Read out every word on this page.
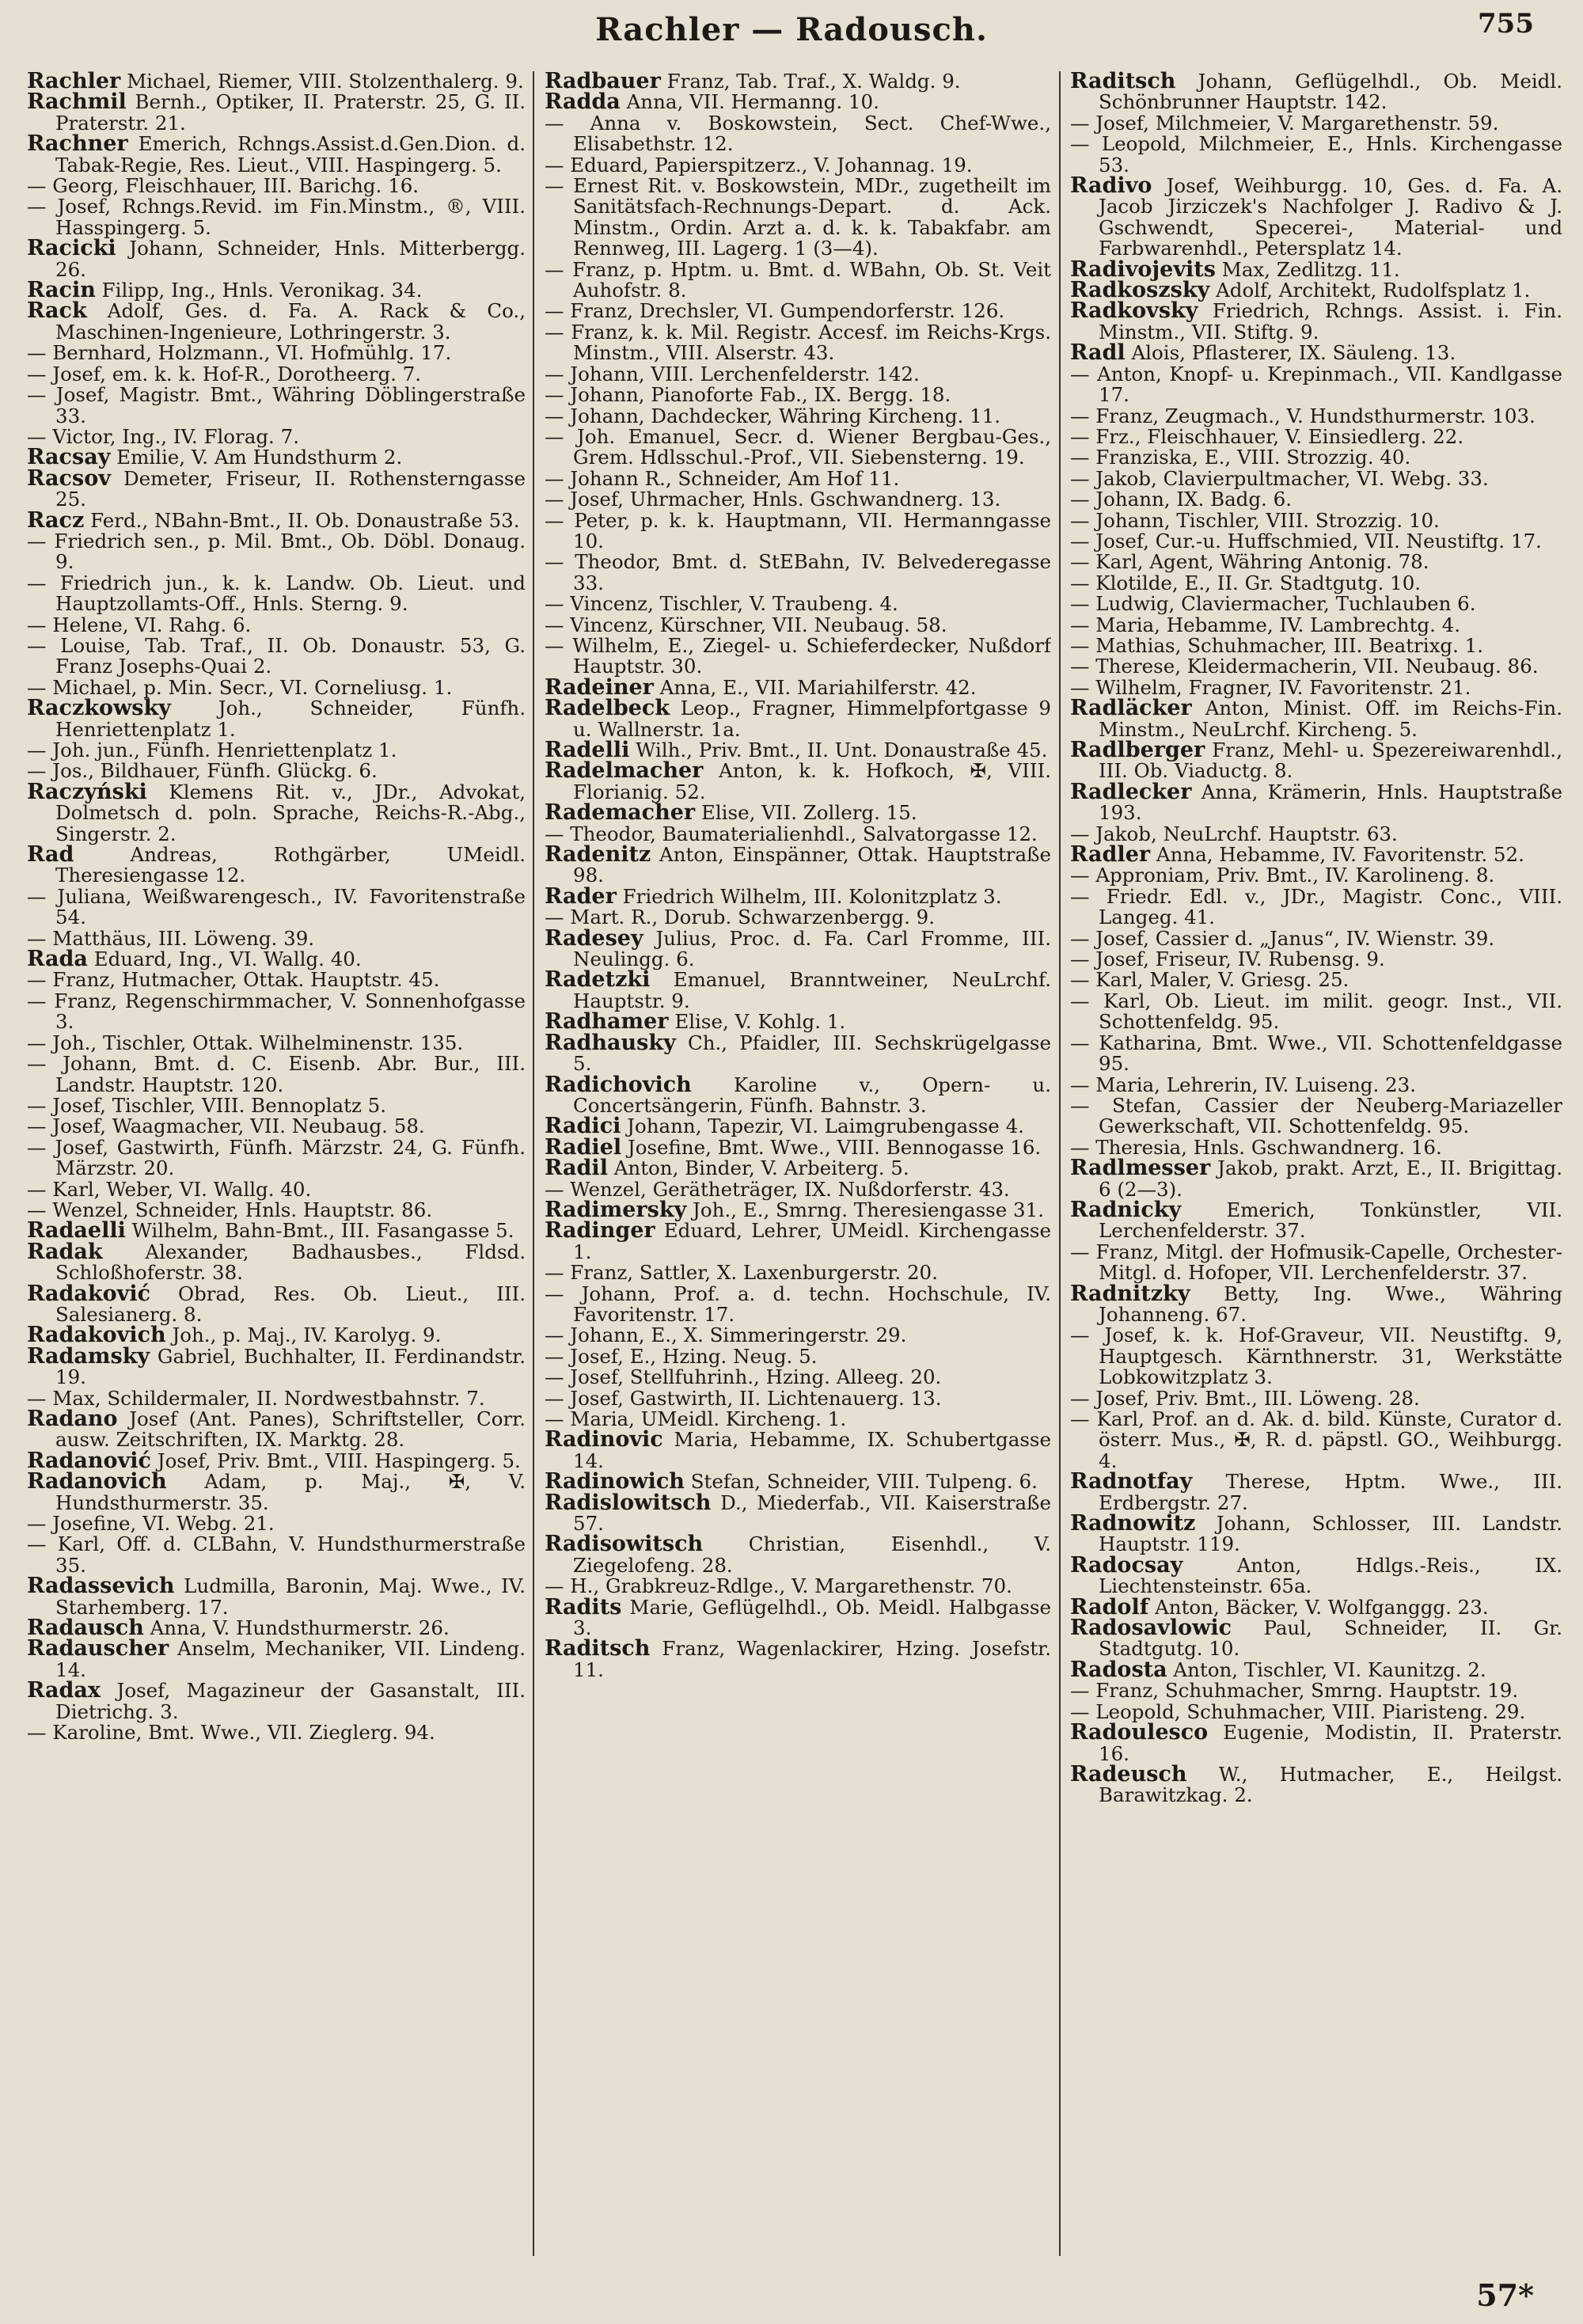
Rachler — Radousch.	755

Rachler Michael, Riemer, VIII. Stolzenthalerg. 9.

Rachmil Bernh., Optiker, II. Praterstr. 25, G. II. Praterstr. 21.

Rachner Emerich, Rchngs.Assist.d.Gen.Dion. d. Tabak-Regie, Res. Lieut., VIII. Haspingerg. 5.

— Georg, Fleischhauer, III. Barichg. 16.

— Josef, Rchngs.Revid. im Fin.Minstm., ®, VIII. Hasspingerg. 5.

Racicki Johann, Schneider, Hnls. Mitterbergg. 26.

Racin Filipp, Ing., Hnls. Veronikag. 34.

Rack Adolf, Ges. d. Fa. A. Rack & Co., Maschinen-Ingenieure, Lothringerstr. 3.

— Bernhard, Holzmann., VI. Hofmühlg. 17.

— Josef, em. k. k. Hof-R., Dorotheerg. 7.

— Josef, Magistr. Bmt., Währing Döblingerstraße 33.

— Victor, Ing., IV. Florag. 7.

Racsay Emilie, V. Am Hundsthurm 2.

Racsov Demeter, Friseur, II. Rothensterngasse 25.

Racz Ferd., NBahn-Bmt., II. Ob. Donaustraße 53.

— Friedrich sen., p. Mil. Bmt., Ob. Döbl. Donaug. 9.

— Friedrich jun., k. k. Landw. Ob. Lieut. und Hauptzollamts-Off., Hnls. Sterng. 9.

— Helene, VI. Rahg. 6.

— Louise, Tab. Traf., II. Ob. Donaustr. 53, G. Franz Josephs-Quai 2.

— Michael, p. Min. Secr., VI. Corneliusg. 1.

Raczkowsky Joh., Schneider, Fünfh. Henriettenplatz 1.

— Joh. jun., Fünfh. Henriettenplatz 1.

— Jos., Bildhauer, Fünfh. Glückg. 6.

Raczyński Klemens Rit. v., JDr., Advokat, Dolmetsch d. poln. Sprache, Reichs-R.-Abg., Singerstr. 2.

Rad Andreas, Rothgärber, UMeidl. Theresiengasse 12.

— Juliana, Weißwarengesch., IV. Favoritenstraße 54.

— Matthäus, III. Löweng. 39.

Rada Eduard, Ing., VI. Wallg. 40.

— Franz, Hutmacher, Ottak. Hauptstr. 45.

— Franz, Regenschirmmacher, V. Sonnenhofgasse 3.

— Joh., Tischler, Ottak. Wilhelminenstr. 135.

— Johann, Bmt. d. C. Eisenb. Abr. Bur., III. Landstr. Hauptstr. 120.

— Josef, Tischler, VIII. Bennoplatz 5.

— Josef, Waagmacher, VII. Neubaug. 58.

— Josef, Gastwirth, Fünfh. Märzstr. 24, G. Fünfh. Märzstr. 20.

— Karl, Weber, VI. Wallg. 40.

— Wenzel, Schneider, Hnls. Hauptstr. 86.

Radaelli Wilhelm, Bahn-Bmt., III. Fasangasse 5.

Radak Alexander, Badhausbes., Fldsd. Schloßhoferstr. 38.

Radaković Obrad, Res. Ob. Lieut., III. Salesianerg. 8.

Radakovich Joh., p. Maj., IV. Karolyg. 9.

Radamsky Gabriel, Buchhalter, II. Ferdinandstr. 19.

— Max, Schildermaler, II. Nordwestbahnstr. 7.

Radano Josef (Ant. Panes), Schriftsteller, Corr. ausw. Zeitschriften, IX. Marktg. 28.

Radanović Josef, Priv. Bmt., VIII. Haspingerg. 5.

Radanovich Adam, p. Maj., ✠, V. Hundsthurmerstr. 35.

— Josefine, VI. Webg. 21.

— Karl, Off. d. CLBahn, V. Hundsthurmerstraße 35.

Radassevich Ludmilla, Baronin, Maj. Wwe., IV. Starhemberg. 17.

Radausch Anna, V. Hundsthurmerstr. 26.

Radauscher Anselm, Mechaniker, VII. Lindeng. 14.

Radax Josef, Magazineur der Gasanstalt, III. Dietrichg. 3.

— Karoline, Bmt. Wwe., VII. Zieglerg. 94.

Radbauer Franz, Tab. Traf., X. Waldg. 9.

Radda Anna, VII. Hermanng. 10.

— Anna v. Boskowstein, Sect. Chef-Wwe., Elisabethstr. 12.

— Eduard, Papierspitzerz., V. Johannag. 19.

— Ernest Rit. v. Boskowstein, MDr., zugetheilt im Sanitätsfach-Rechnungs-Depart. d. Ack. Minstm., Ordin. Arzt a. d. k. k. Tabakfabr. am Rennweg, III. Lagerg. 1 (3—4).

— Franz, p. Hptm. u. Bmt. d. WBahn, Ob. St. Veit Auhofstr. 8.

— Franz, Drechsler, VI. Gumpendorferstr. 126.

— Franz, k. k. Mil. Registr. Accesf. im Reichs-Krgs. Minstm., VIII. Alserstr. 43.

— Johann, VIII. Lerchenfelderstr. 142.

— Johann, Pianoforte Fab., IX. Bergg. 18.

— Johann, Dachdecker, Währing Kircheng. 11.

— Joh. Emanuel, Secr. d. Wiener Bergbau-Ges., Grem. Hdlsschul.-Prof., VII. Siebensterng. 19.

— Johann R., Schneider, Am Hof 11.

— Josef, Uhrmacher, Hnls. Gschwandnerg. 13.

— Peter, p. k. k. Hauptmann, VII. Hermanngasse 10.

— Theodor, Bmt. d. StEBahn, IV. Belvederegasse 33.

— Vincenz, Tischler, V. Traubeng. 4.

— Vincenz, Kürschner, VII. Neubaug. 58.

— Wilhelm, E., Ziegel- u. Schieferdecker, Nußdorf Hauptstr. 30.

Radeiner Anna, E., VII. Mariahilferstr. 42.

Radelbeck Leop., Fragner, Himmelpfortgasse 9 u. Wallnerstr. 1a.

Radelli Wilh., Priv. Bmt., II. Unt. Donaustraße 45.

Radelmacher Anton, k. k. Hofkoch, ✠, VIII. Florianig. 52.

Rademacher Elise, VII. Zollerg. 15.

— Theodor, Baumaterialienhdl., Salvatorgasse 12.

Radenitz Anton, Einspänner, Ottak. Hauptstraße 98.

Rader Friedrich Wilhelm, III. Kolonitzplatz 3.

— Mart. R., Dorub. Schwarzenbergg. 9.

Radesey Julius, Proc. d. Fa. Carl Fromme, III. Neulingg. 6.

Radetzki Emanuel, Branntweiner, NeuLrchf. Hauptstr. 9.

Radhamer Elise, V. Kohlg. 1.

Radhausky Ch., Pfaidler, III. Sechskrügelgasse 5.

Radichovich Karoline v., Opern- u. Concertsängerin, Fünfh. Bahnstr. 3.

Radici Johann, Tapezir, VI. Laimgrubengasse 4.

Radiel Josefine, Bmt. Wwe., VIII. Bennogasse 16.

Radil Anton, Binder, V. Arbeiterg. 5.

— Wenzel, Gerätheträger, IX. Nußdorferstr. 43.

Radimersky Joh., E., Smrng. Theresiengasse 31.

Radinger Eduard, Lehrer, UMeidl. Kirchengasse 1.

— Franz, Sattler, X. Laxenburgerstr. 20.

— Johann, Prof. a. d. techn. Hochschule, IV. Favoritenstr. 17.

— Johann, E., X. Simmeringerstr. 29.

— Josef, E., Hzing. Neug. 5.

— Josef, Stellfuhrinh., Hzing. Alleeg. 20.

— Josef, Gastwirth, II. Lichtenauerg. 13.

— Maria, UMeidl. Kircheng. 1.

Radinovic Maria, Hebamme, IX. Schubertgasse 14.

Radinowich Stefan, Schneider, VIII. Tulpeng. 6.

Radislowitsch D., Miederfab., VII. Kaiserstraße 57.

Radisowitsch Christian, Eisenhdl., V. Ziegelofeng. 28.

— H., Grabkreuz-Rdlge., V. Margarethenstr. 70.

Radits Marie, Geflügelhdl., Ob. Meidl. Halbgasse 3.

Raditsch Franz, Wagenlackirer, Hzing. Josefstr. 11.

Raditsch Johann, Geflügelhdl., Ob. Meidl. Schönbrunner Hauptstr. 142.

— Josef, Milchmeier, V. Margarethenstr. 59.

— Leopold, Milchmeier, E., Hnls. Kirchengasse 53.

Radivo Josef, Weihburgg. 10, Ges. d. Fa. A. Jacob Jirziczek's Nachfolger J. Radivo & J. Gschwendt, Specerei-, Material- und Farbwarenhdl., Petersplatz 14.

Radivojevits Max, Zedlitzg. 11.

Radkoszsky Adolf, Architekt, Rudolfsplatz 1.

Radkovsky Friedrich, Rchngs. Assist. i. Fin. Minstm., VII. Stiftg. 9.

Radl Alois, Pflasterer, IX. Säuleng. 13.

— Anton, Knopf- u. Krepinmach., VII. Kandlgasse 17.

— Franz, Zeugmach., V. Hundsthurmerstr. 103.

— Frz., Fleischhauer, V. Einsiedlerg. 22.

— Franziska, E., VIII. Strozzig. 40.

— Jakob, Clavierpultmacher, VI. Webg. 33.

— Johann, IX. Badg. 6.

— Johann, Tischler, VIII. Strozzig. 10.

— Josef, Cur.-u. Huffschmied, VII. Neustiftg. 17.

— Karl, Agent, Währing Antonig. 78.

— Klotilde, E., II. Gr. Stadtgutg. 10.

— Ludwig, Claviermacher, Tuchlauben 6.

— Maria, Hebamme, IV. Lambrechtg. 4.

— Mathias, Schuhmacher, III. Beatrixg. 1.

— Therese, Kleidermacherin, VII. Neubaug. 86.

— Wilhelm, Fragner, IV. Favoritenstr. 21.

Radläcker Anton, Minist. Off. im Reichs-Fin. Minstm., NeuLrchf. Kircheng. 5.

Radlberger Franz, Mehl- u. Spezereiwarenhdl., III. Ob. Viaductg. 8.

Radlecker Anna, Krämerin, Hnls. Hauptstraße 193.

— Jakob, NeuLrchf. Hauptstr. 63.

Radler Anna, Hebamme, IV. Favoritenstr. 52.

— Approniam, Priv. Bmt., IV. Karolineng. 8.

— Friedr. Edl. v., JDr., Magistr. Conc., VIII. Langeg. 41.

— Josef, Cassier d. „Janus“, IV. Wienstr. 39.

— Josef, Friseur, IV. Rubensg. 9.

— Karl, Maler, V. Griesg. 25.

— Karl, Ob. Lieut. im milit. geogr. Inst., VII. Schottenfeldg. 95.

— Katharina, Bmt. Wwe., VII. Schottenfeldgasse 95.

— Maria, Lehrerin, IV. Luiseng. 23.

— Stefan, Cassier der Neuberg-Mariazeller Gewerkschaft, VII. Schottenfeldg. 95.

— Theresia, Hnls. Gschwandnerg. 16.

Radlmesser Jakob, prakt. Arzt, E., II. Brigittag. 6 (2—3).

Radnicky Emerich, Tonkünstler, VII. Lerchenfelderstr. 37.

— Franz, Mitgl. der Hofmusik-Capelle, Orchester-Mitgl. d. Hofoper, VII. Lerchenfelderstr. 37.

Radnitzky Betty, Ing. Wwe., Währing Johanneng. 67.

— Josef, k. k. Hof-Graveur, VII. Neustiftg. 9, Hauptgesch. Kärnthnerstr. 31, Werkstätte Lobkowitzplatz 3.

— Josef, Priv. Bmt., III. Löweng. 28.

— Karl, Prof. an d. Ak. d. bild. Künste, Curator d. österr. Mus., ✠, R. d. päpstl. GO., Weihburgg. 4.

Radnotfay Therese, Hptm. Wwe., III. Erdbergstr. 27.

Radnowitz Johann, Schlosser, III. Landstr. Hauptstr. 119.

Radocsay Anton, Hdlgs.-Reis., IX. Liechtensteinstr. 65a.

Radolf Anton, Bäcker, V. Wolfganggg. 23.

Radosavlowic Paul, Schneider, II. Gr. Stadtgutg. 10.

Radosta Anton, Tischler, VI. Kaunitzg. 2.

— Franz, Schuhmacher, Smrng. Hauptstr. 19.

— Leopold, Schuhmacher, VIII. Piaristeng. 29.

Radoulesco Eugenie, Modistin, II. Praterstr. 16.

Radeusch W., Hutmacher, E., Heilgst. Barawitzkag. 2.

57*
